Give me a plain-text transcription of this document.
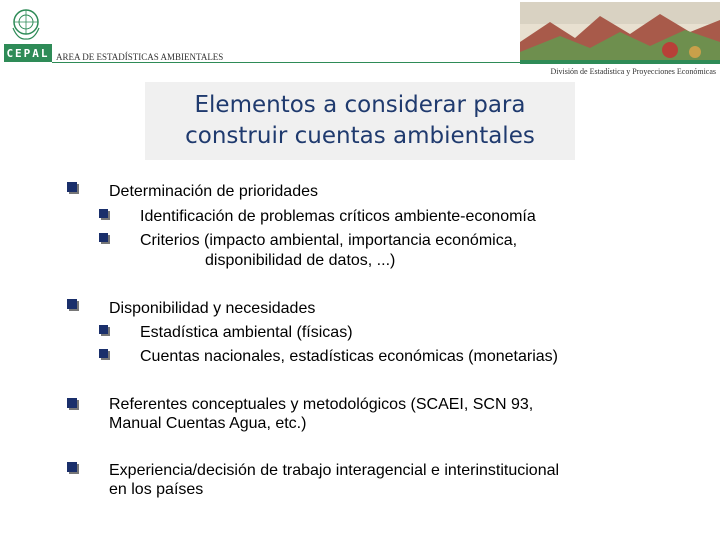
CEPAL AREA DE ESTADÍSTICAS AMBIENTALES
División de Estadística y Proyecciones Económicas
Elementos a considerar para
construir cuentas ambientales
Determinación de prioridades
Identificación de problemas críticos ambiente-economía
Criterios (impacto ambiental, importancia económica,
disponibilidad de datos, ...)
Disponibilidad y necesidades
Estadística ambiental (físicas)
Cuentas nacionales, estadísticas económicas (monetarias)
Referentes conceptuales y metodológicos (SCAEI, SCN 93,
Manual Cuentas Agua, etc.)
Experiencia/decisión de trabajo interagencial e interinstitucional
en los países
